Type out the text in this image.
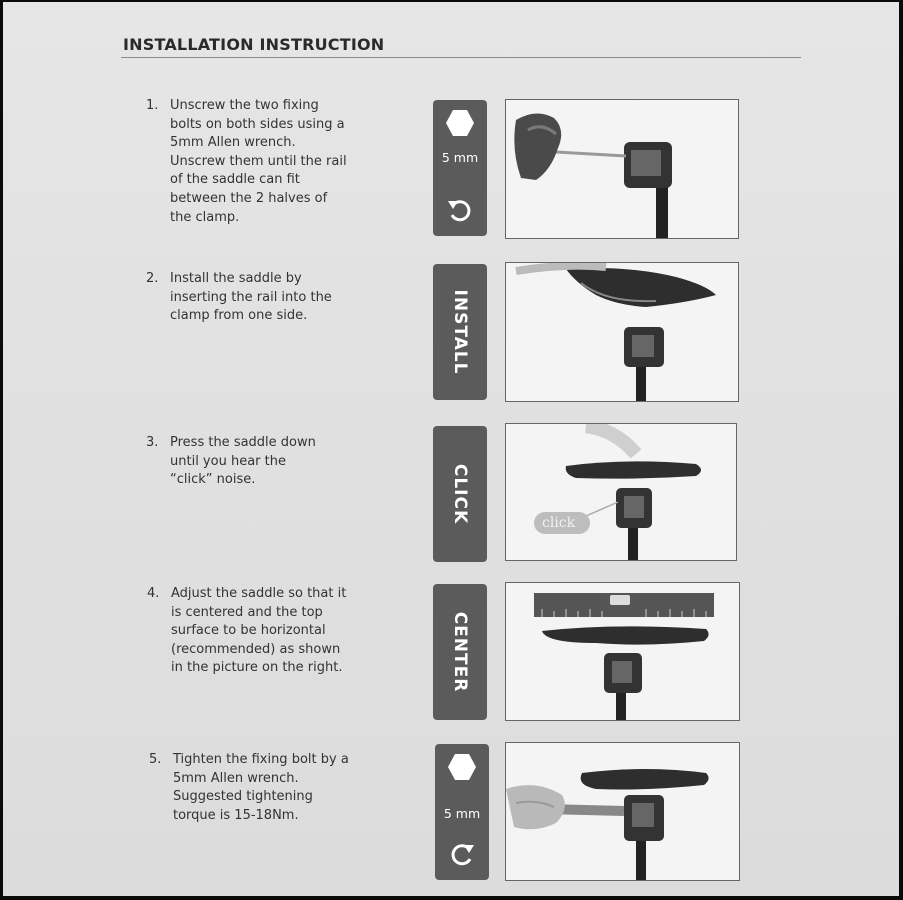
INSTALLATION INSTRUCTION
1. Unscrew the two fixing
bolts on both sides using a
5mm Allen wrench.
Unscrew them until the rail
of the saddle can fit
between the 2 halves of
the clamp.
5 mm
2. Install the saddle by
inserting the rail into the
clamp from one side.	INSTALL
3. Press the saddle down
until you hear the
“click” noise.	CLICK	click
4. Adjust the saddle so that it
is centered and the top
surface to be horizontal
(recommended) as shown
in the picture on the right.	CENTER
5. Tighten the fixing bolt by a
5mm Allen wrench.
Suggested tightening
torque is 15-18Nm.	5 mm
